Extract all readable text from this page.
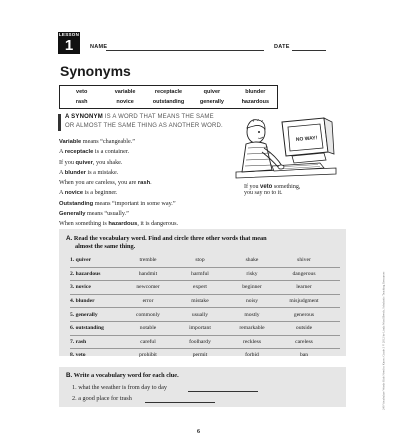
LESSON
1	NAME	DATE
Synonyms
veto	variable	receptacle	quiver	blunder
rash	novice	outstanding	generally	hazardous
A SYNONYM IS A WORD THAT MEANS THE SAME
OR ALMOST THE SAME THING AS ANOTHER WORD.
Variable means “changeable.”
A receptacle is a container.
If you quiver, you shake.
A blunder is a mistake.
When you are careless, you are rash.
A novice is a beginner.
Outstanding means “important in some way.”
Generally means “usually.”
When something is hazardous, it is dangerous.
NO WAY!
If you veto something,
you say no to it.
A. Read the vocabulary word. Find and circle three other words that mean
almost the same thing.
1. quiver	tremble	stop	shake	shiver
2. hazardous	handmit	harmful	risky	dangerous
3. novice	newcomer	expert	beginner	learner
4. blunder	error	mistake	noisy	misjudgment
5. generally	commonly	usually	mostly	generous
6. outstanding	notable	important	remarkable	outside
7. rash	careful	foolhardy	reckless	careless
8. veto	prohibit	permit	forbid	ban
B. Write a vocabulary word for each clue.
1. what the weather is from day to day
2. a good place for trash	240 Vocabulary Words Kids Need to Know: Grade 3 © 2012 by Linda Ward Beech, Scholastic Teaching Resources
6
